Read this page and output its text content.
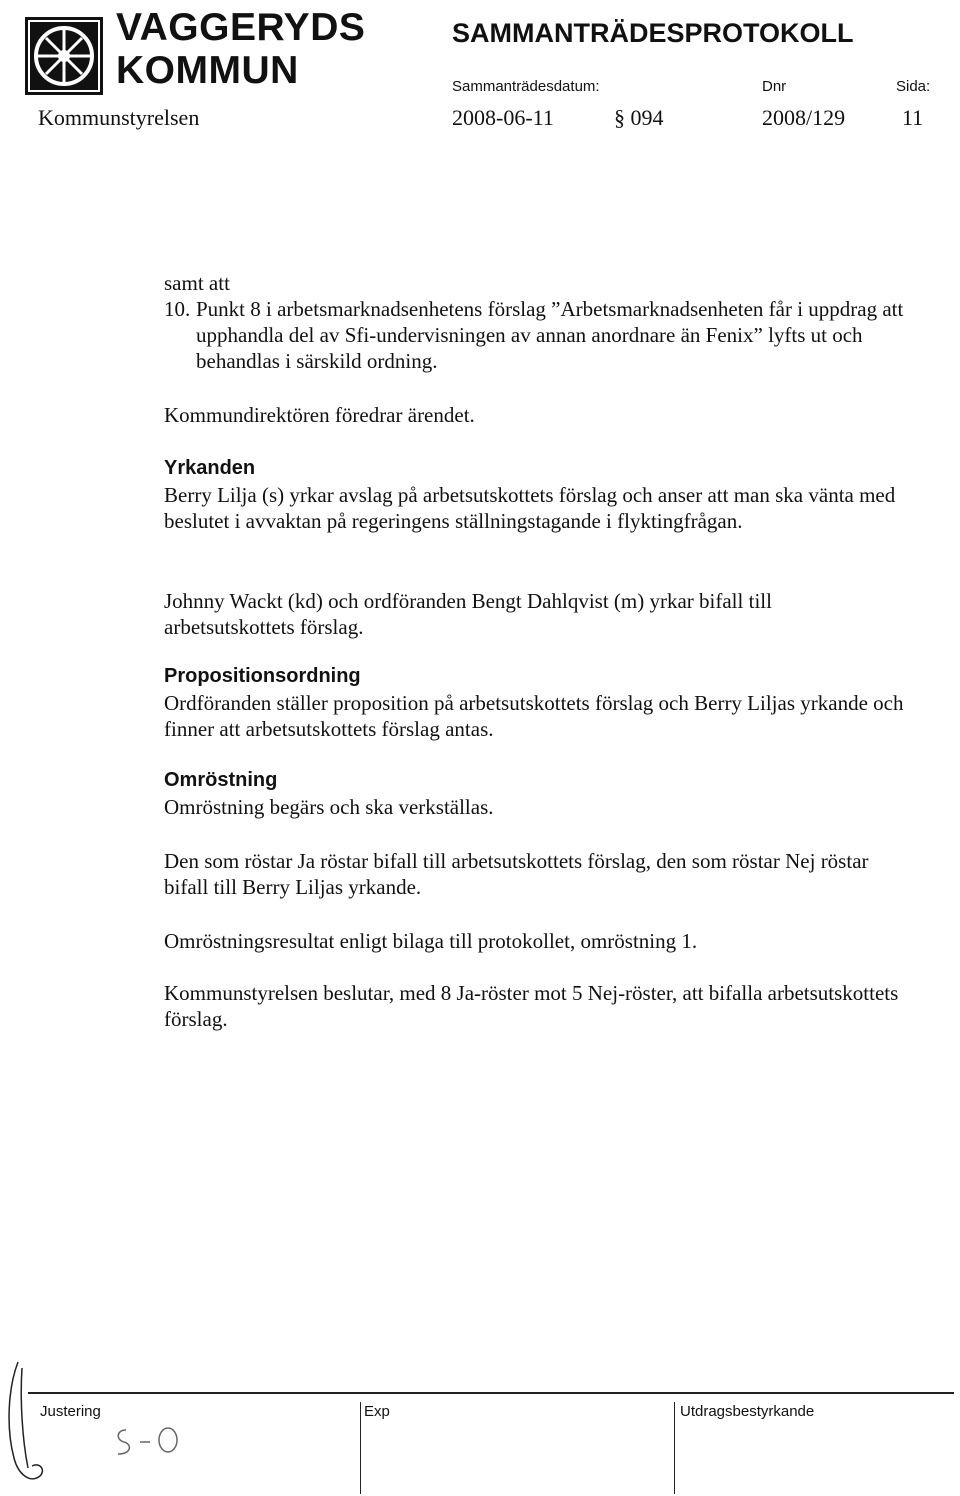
VAGGERYDS
KOMMUN
SAMMANTRÄDESPROTOKOLL
Sammanträdesdatum:	Dnr	Sida:
Kommunstyrelsen	2008-06-11	§ 094	2008/129	11
samt att
10. Punkt 8 i arbetsmarknadsenhetens förslag ”Arbetsmarknadsenheten får i uppdrag att upphandla del av Sfi-undervisningen av annan anordnare än Fenix” lyfts ut och behandlas i särskild ordning.
Kommundirektören föredrar ärendet.
Yrkanden
Berry Lilja (s) yrkar avslag på arbetsutskottets förslag och anser att man ska vänta med beslutet i avvaktan på regeringens ställningstagande i flyktingfrågan.
Johnny Wackt (kd) och ordföranden Bengt Dahlqvist (m) yrkar bifall till arbetsutskottets förslag.
Propositionsordning
Ordföranden ställer proposition på arbetsutskottets förslag och Berry Liljas yrkande och finner att arbetsutskottets förslag antas.
Omröstning
Omröstning begärs och ska verkställas.
Den som röstar Ja röstar bifall till arbetsutskottets förslag, den som röstar Nej röstar bifall till Berry Liljas yrkande.
Omröstningsresultat enligt bilaga till protokollet, omröstning 1.
Kommunstyrelsen beslutar, med 8 Ja-röster mot 5 Nej-röster, att bifalla arbetsutskottets förslag.
Justering	Exp	Utdragsbestyrkande
